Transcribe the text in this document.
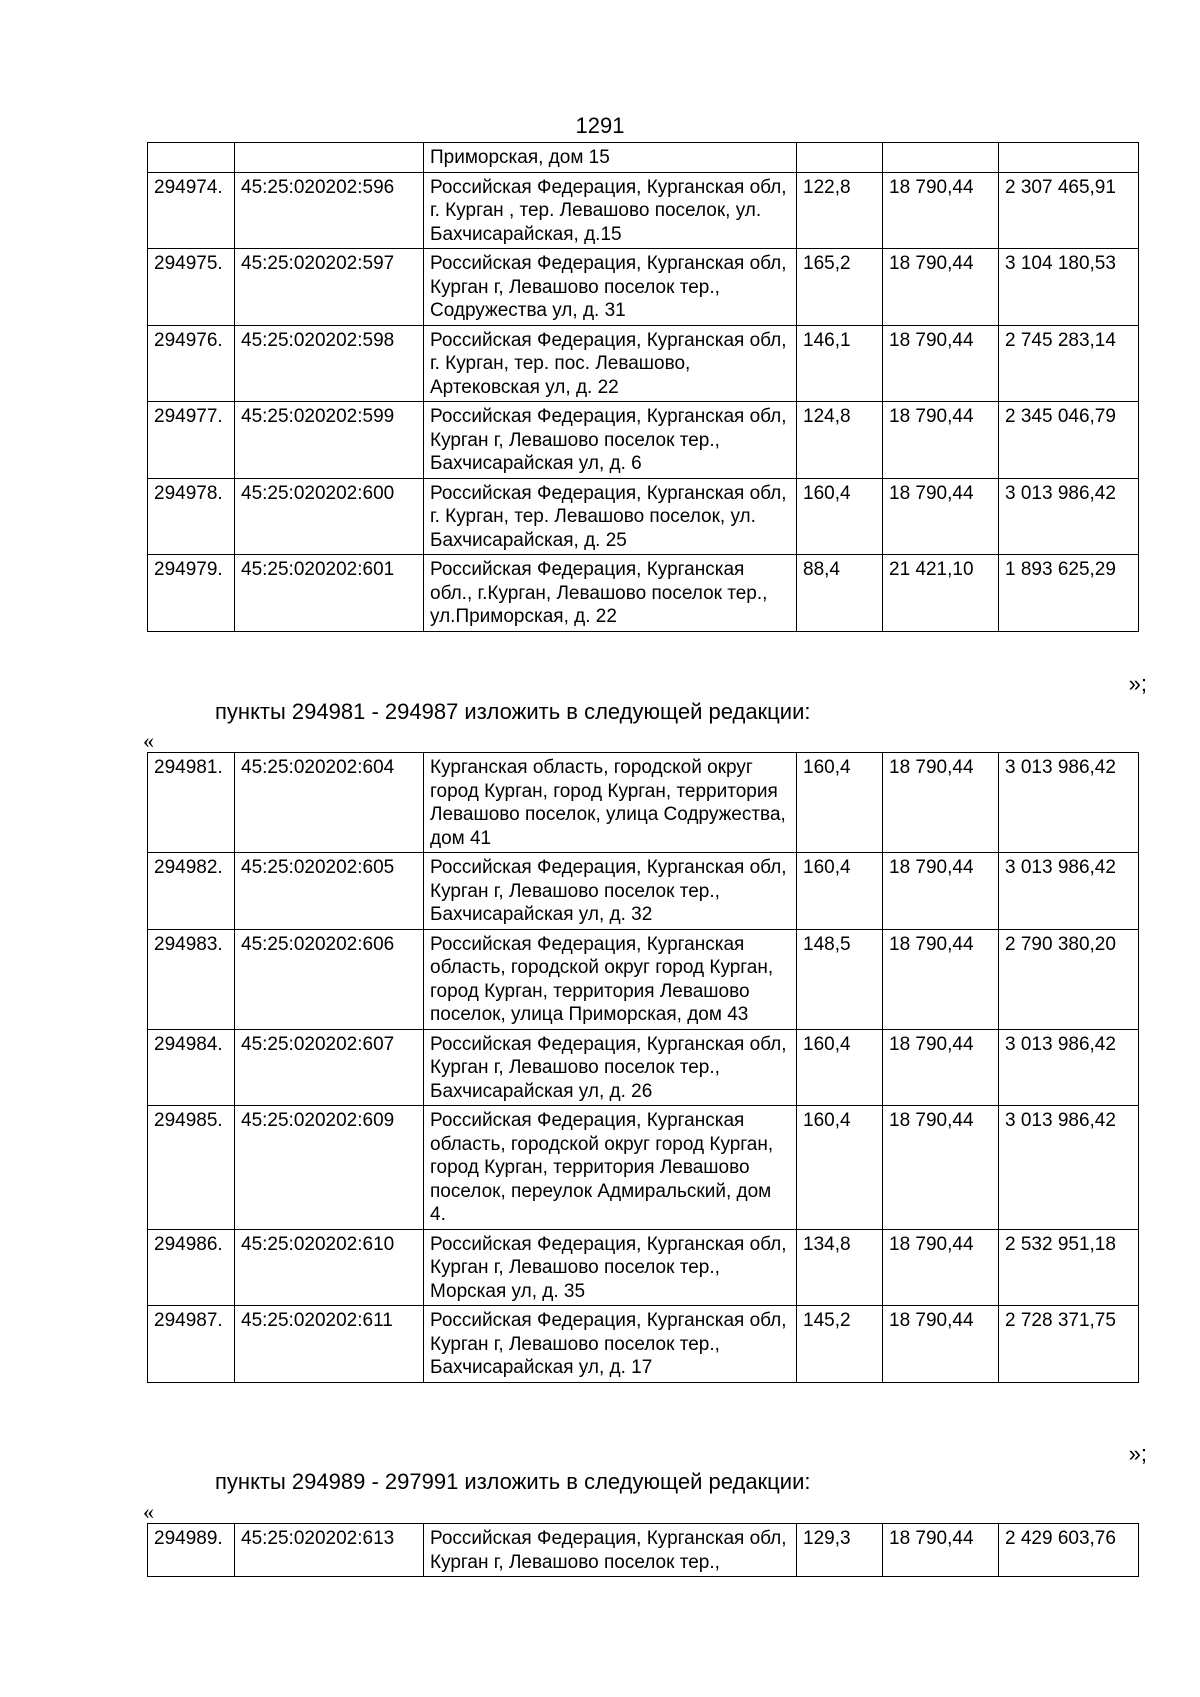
1291
		Приморская, дом 15			
294974.	45:25:020202:596	Российская Федерация, Курганская обл, г. Курган , тер. Левашово поселок, ул. Бахчисарайская, д.15	122,8	18 790,44	2 307 465,91
294975.	45:25:020202:597	Российская Федерация, Курганская обл, Курган г, Левашово поселок тер., Содружества ул, д. 31	165,2	18 790,44	3 104 180,53
294976.	45:25:020202:598	Российская Федерация, Курганская обл, г. Курган, тер. пос. Левашово, Артековская ул, д. 22	146,1	18 790,44	2 745 283,14
294977.	45:25:020202:599	Российская Федерация, Курганская обл, Курган г, Левашово поселок тер., Бахчисарайская ул, д. 6	124,8	18 790,44	2 345 046,79
294978.	45:25:020202:600	Российская Федерация, Курганская обл, г. Курган, тер. Левашово поселок, ул. Бахчисарайская, д. 25	160,4	18 790,44	3 013 986,42
294979.	45:25:020202:601	Российская Федерация, Курганская обл., г.Курган, Левашово поселок тер., ул.Приморская, д. 22	88,4	21 421,10	1 893 625,29
»;
пункты 294981 - 294987 изложить в следующей редакции:
«
294981.	45:25:020202:604	Курганская область, городской округ город Курган, город Курган, территория Левашово поселок, улица Содружества, дом 41	160,4	18 790,44	3 013 986,42
294982.	45:25:020202:605	Российская Федерация, Курганская обл, Курган г, Левашово поселок тер., Бахчисарайская ул, д. 32	160,4	18 790,44	3 013 986,42
294983.	45:25:020202:606	Российская Федерация, Курганская область, городской округ город Курган, город Курган, территория Левашово поселок, улица Приморская, дом 43	148,5	18 790,44	2 790 380,20
294984.	45:25:020202:607	Российская Федерация, Курганская обл, Курган г, Левашово поселок тер., Бахчисарайская ул, д. 26	160,4	18 790,44	3 013 986,42
294985.	45:25:020202:609	Российская Федерация, Курганская область, городской округ город Курган, город Курган, территория Левашово поселок, переулок Адмиральский, дом 4.	160,4	18 790,44	3 013 986,42
294986.	45:25:020202:610	Российская Федерация, Курганская обл, Курган г, Левашово поселок тер., Морская ул, д. 35	134,8	18 790,44	2 532 951,18
294987.	45:25:020202:611	Российская Федерация, Курганская обл, Курган г, Левашово поселок тер., Бахчисарайская ул, д. 17	145,2	18 790,44	2 728 371,75
»;
пункты 294989 - 297991 изложить в следующей редакции:
«
294989.	45:25:020202:613	Российская Федерация, Курганская обл, Курган г, Левашово поселок тер.,	129,3	18 790,44	2 429 603,76
